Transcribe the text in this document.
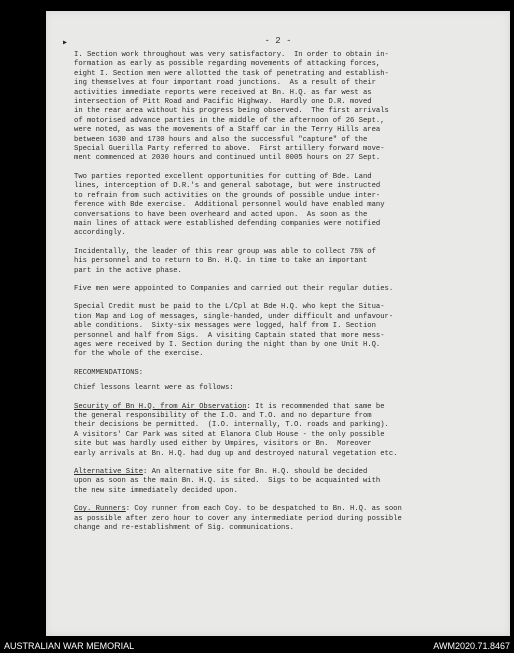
- 2 -
▸

I. Section work throughout was very satisfactory.  In order to obtain in-
formation as early as possible regarding movements of attacking forces,
eight I. Section men were allotted the task of penetrating and establish-
ing themselves at four important road junctions.  As a result of their
activities immediate reports were received at Bn. H.Q. as far west as
intersection of Pitt Road and Pacific Highway.  Hardly one D.R. moved
in the rear area without his progress being observed.  The first arrivals
of motorised advance parties in the middle of the afternoon of 26 Sept.,
were noted, as was the movements of a Staff car in the Terry Hills area
between 1630 and 1730 hours and also the successful "capture" of the
Special Guerilla Party referred to above.  First artillery forward move-
ment commenced at 2030 hours and continued until 0005 hours on 27 Sept.

Two parties reported excellent opportunities for cutting of Bde. Land
lines, interception of D.R.'s and general sabotage, but were instructed
to refrain from such activities on the grounds of possible undue inter-
ference with Bde exercise.  Additional personnel would have enabled many
conversations to have been overheard and acted upon.  As soon as the
main lines of attack were established defending companies were notified
accordingly.

Incidentally, the leader of this rear group was able to collect 75% of
his personnel and to return to Bn. H.Q. in time to take an important
part in the active phase.

Five men were appointed to Companies and carried out their regular duties.

Special Credit must be paid to the L/Cpl at Bde H.Q. who kept the Situa-
tion Map and Log of messages, single-handed, under difficult and unfavour-
able conditions.  Sixty-six messages were logged, half from I. Section
personnel and half from Sigs.  A visiting Captain stated that more mess-
ages were received by I. Section during the night than by one Unit H.Q.
for the whole of the exercise.

RECOMMENDATIONS:

Chief lessons learnt were as follows:

Security of Bn H.Q. from Air Observation: It is recommended that same be
the general responsibility of the I.O. and T.O. and no departure from
their decisions be permitted.  (I.O. internally, T.O. roads and parking).
A visitors' Car Park was sited at Elanora Club House - the only possible
site but was hardly used either by Umpires, visitors or Bn.  Moreover
early arrivals at Bn. H.Q. had dug up and destroyed natural vegetation etc.

Alternative Site: An alternative site for Bn. H.Q. should be decided
upon as soon as the main Bn. H.Q. is sited.  Sigs to be acquainted with
the new site immediately decided upon.

Coy. Runners: Coy runner from each Coy. to be despatched to Bn. H.Q. as soon
as possible after zero hour to cover any intermediate period during possible
change and re-establishment of Sig. communications.

AUSTRALIAN WAR MEMORIAL	AWM2020.71.8467
